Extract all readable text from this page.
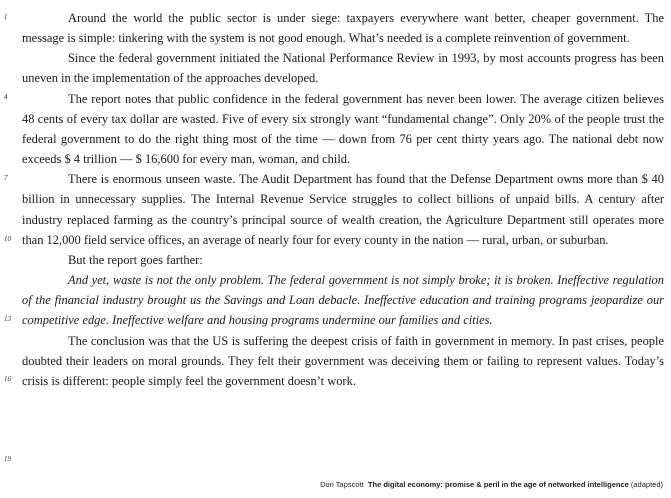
Around the world the public sector is under siege: taxpayers everywhere want better, cheaper government. The message is simple: tinkering with the system is not good enough. What’s needed is a complete reinvention of government.

Since the federal government initiated the National Performance Review in 1993, by most accounts progress has been uneven in the implementation of the approaches developed.

The report notes that public confidence in the federal government has never been lower. The average citizen believes 48 cents of every tax dollar are wasted. Five of every six strongly want “fundamental change”. Only 20% of the people trust the federal government to do the right thing most of the time — down from 76 per cent thirty years ago. The national debt now exceeds $ 4 trillion — $ 16,600 for every man, woman, and child.

There is enormous unseen waste. The Audit Department has found that the Defense Department owns more than $ 40 billion in unnecessary supplies. The Internal Revenue Service struggles to collect billions of unpaid bills. A century after industry replaced farming as the country’s principal source of wealth creation, the Agriculture Department still operates more than 12,000 field service offices, an average of nearly four for every county in the nation — rural, urban, or suburban.

But the report goes farther:

And yet, waste is not the only problem. The federal government is not simply broke; it is broken. Ineffective regulation of the financial industry brought us the Savings and Loan debacle. Ineffective education and training programs jeopardize our competitive edge. Ineffective welfare and housing programs undermine our families and cities.

The conclusion was that the US is suffering the deepest crisis of faith in government in memory. In past crises, people doubted their leaders on moral grounds. They felt their government was deceiving them or failing to represent values. Today’s crisis is different: people simply feel the government doesn’t work.

1
4
7
10
13
16
19
Don Tapscott The digital economy: promise & peril in the age of networked intelligence (adapted)
